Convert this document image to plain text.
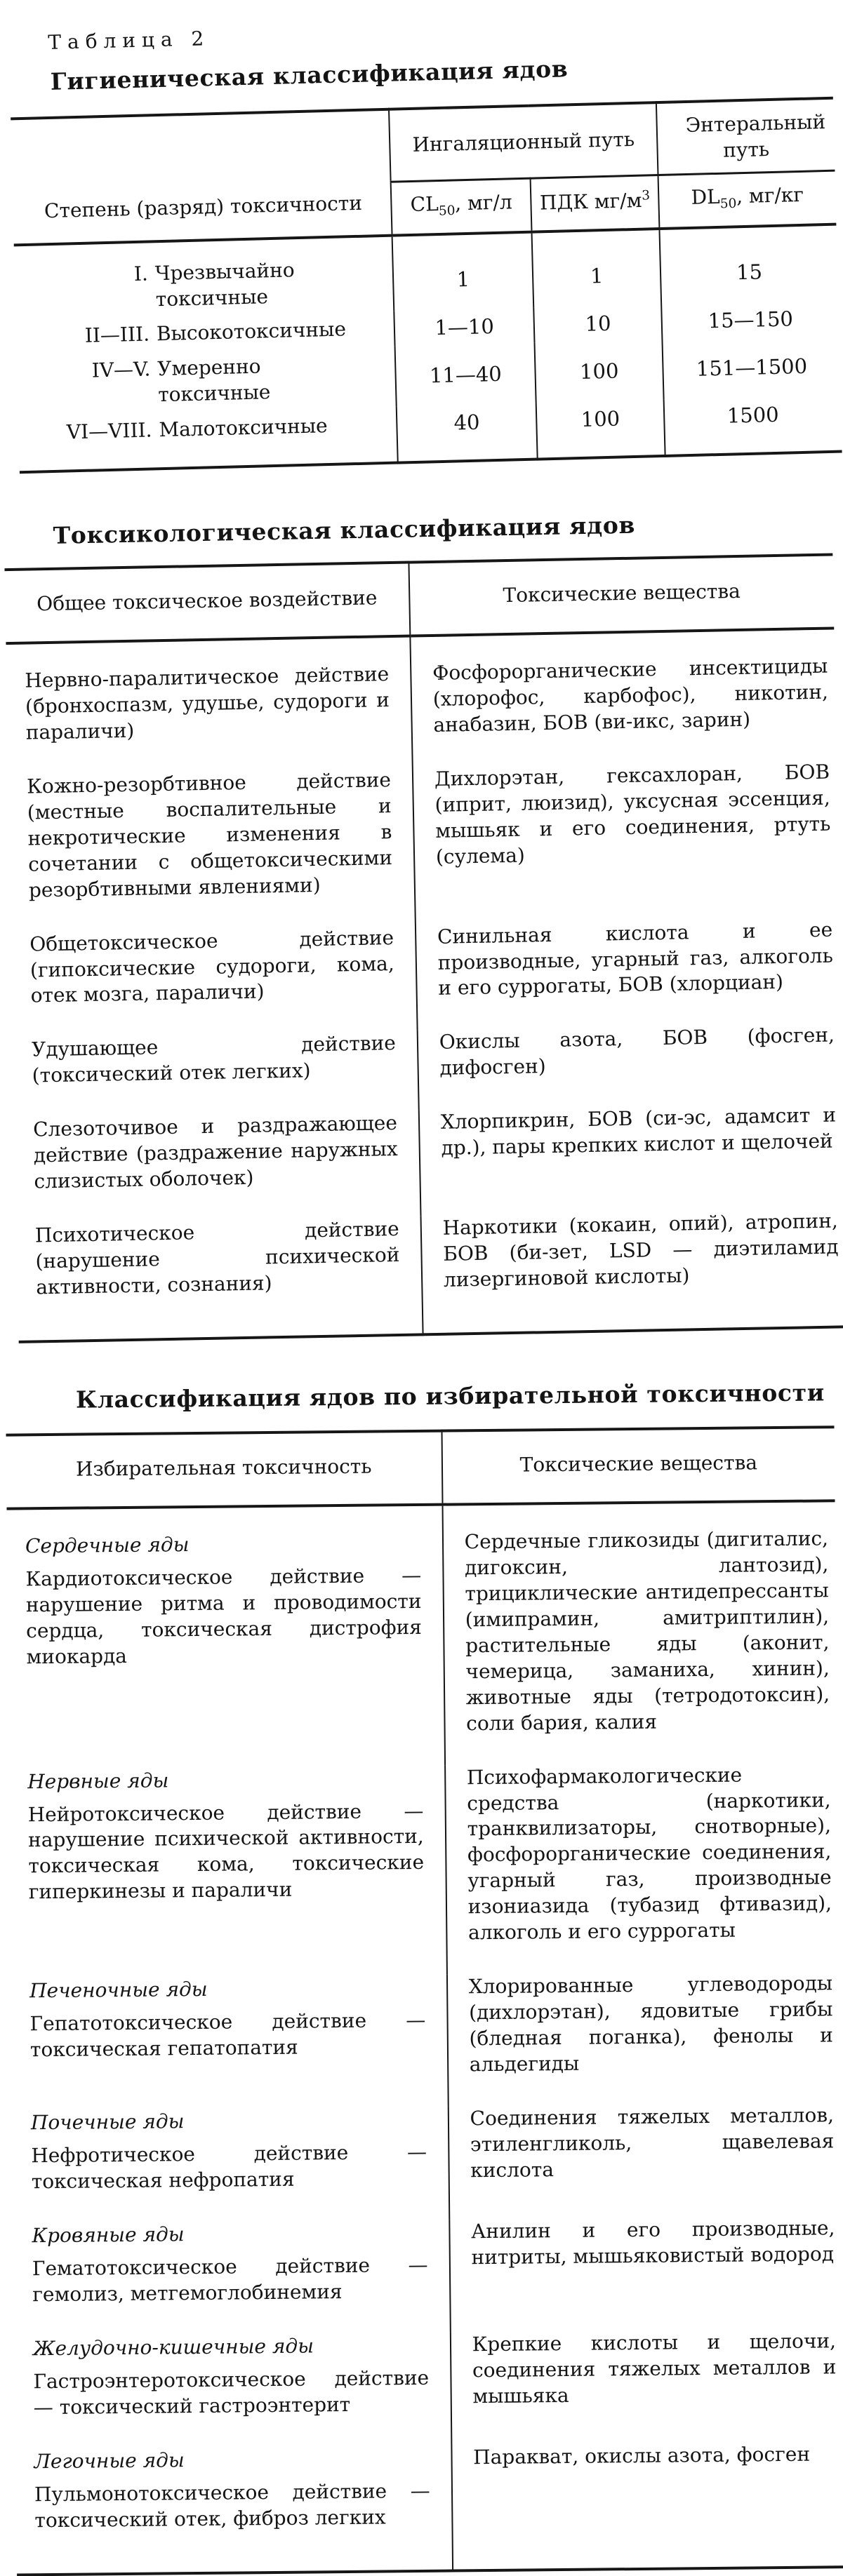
Таблица 2
Гигиеническая классификация ядов
Степень (разряд) токсичности	Ингаляционный путь		Энтеральный путь
	$CL_{50}$, мг/л	ПДК $мг/м^3$	$DL_{50}$, мг/кг

I. Чрезвычайно токсичные	1	1	15

II—III. Высокотоксичные	1—10	10	15—150

IV—V. Умеренно токсичные	11—40	100	151—1500

VI—VIII. Малотоксичные	40	100	1500
Токсикологическая классификация ядов
Общее токсическое воздействие	Токсические вещества
Нервно-паралитическое действие (бронхоспазм, удушье, судороги и параличи)	Фосфорорганические инсектициды (хлорофос, карбофос), никотин, анабазин, БОВ (ви-икс, зарин)
Кожно-резорбтивное действие (местные воспалительные и некротические изменения в сочетании с общетоксическими резорбтивными явлениями)	Дихлорэтан, гексахлоран, БОВ (иприт, люизид), уксусная эссенция, мышьяк и его соединения, ртуть (сулема)
Общетоксическое действие (гипоксические судороги, кома, отек мозга, параличи)	Синильная кислота и ее производные, угарный газ, алкоголь и его суррогаты, БОВ (хлорциан)
Удушающее действие (токсический отек легких)	Окислы азота, БОВ (фосген, дифосген)
Слезоточивое и раздражающее действие (раздражение наружных слизистых оболочек)	Хлорпикрин, БОВ (си-эс, адамсит и др.), пары крепких кислот и щелочей
Психотическое действие (нарушение психической активности, сознания)	Наркотики (кокаин, опий), атропин, БОВ (би-зет, LSD — диэтиламид лизергиновой кислоты)
Классификация ядов по избирательной токсичности
Избирательная токсичность	Токсические вещества

Сердечные яды
Кардиотоксическое действие — нарушение ритма и проводимости сердца, токсическая дистрофия миокарда	Сердечные гликозиды (дигиталис, дигоксин, лантозид), трициклические антидепрессанты (имипрамин, амитриптилин), растительные яды (аконит, чемерица, заманиха, хинин), животные яды (тетродотоксин), соли бария, калия

Нервные яды
Нейротоксическое действие — нарушение психической активности, токсическая кома, токсические гиперкинезы и параличи	Психофармакологические средства (наркотики, транквилизаторы, снотворные), фосфорорганические соединения, угарный газ, производные изониазида (тубазид фтивазид), алкоголь и его суррогаты

Печеночные яды
Гепатотоксическое действие — токсическая гепатопатия	Хлорированные углеводороды (дихлорэтан), ядовитые грибы (бледная поганка), фенолы и альдегиды

Почечные яды
Нефротическое действие — токсическая нефропатия	Соединения тяжелых металлов, этиленгликоль, щавелевая кислота

Кровяные яды
Гематотоксическое действие — гемолиз, метгемоглобинемия	Анилин и его производные, нитриты, мышьяковистый водород

Желудочно-кишечные яды
Гастроэнтеротоксическое действие — токсический гастроэнтерит	Крепкие кислоты и щелочи, соединения тяжелых металлов и мышьяка

Легочные яды
Пульмонотоксическое действие — токсический отек, фиброз легких	Паракват, окислы азота, фосген
